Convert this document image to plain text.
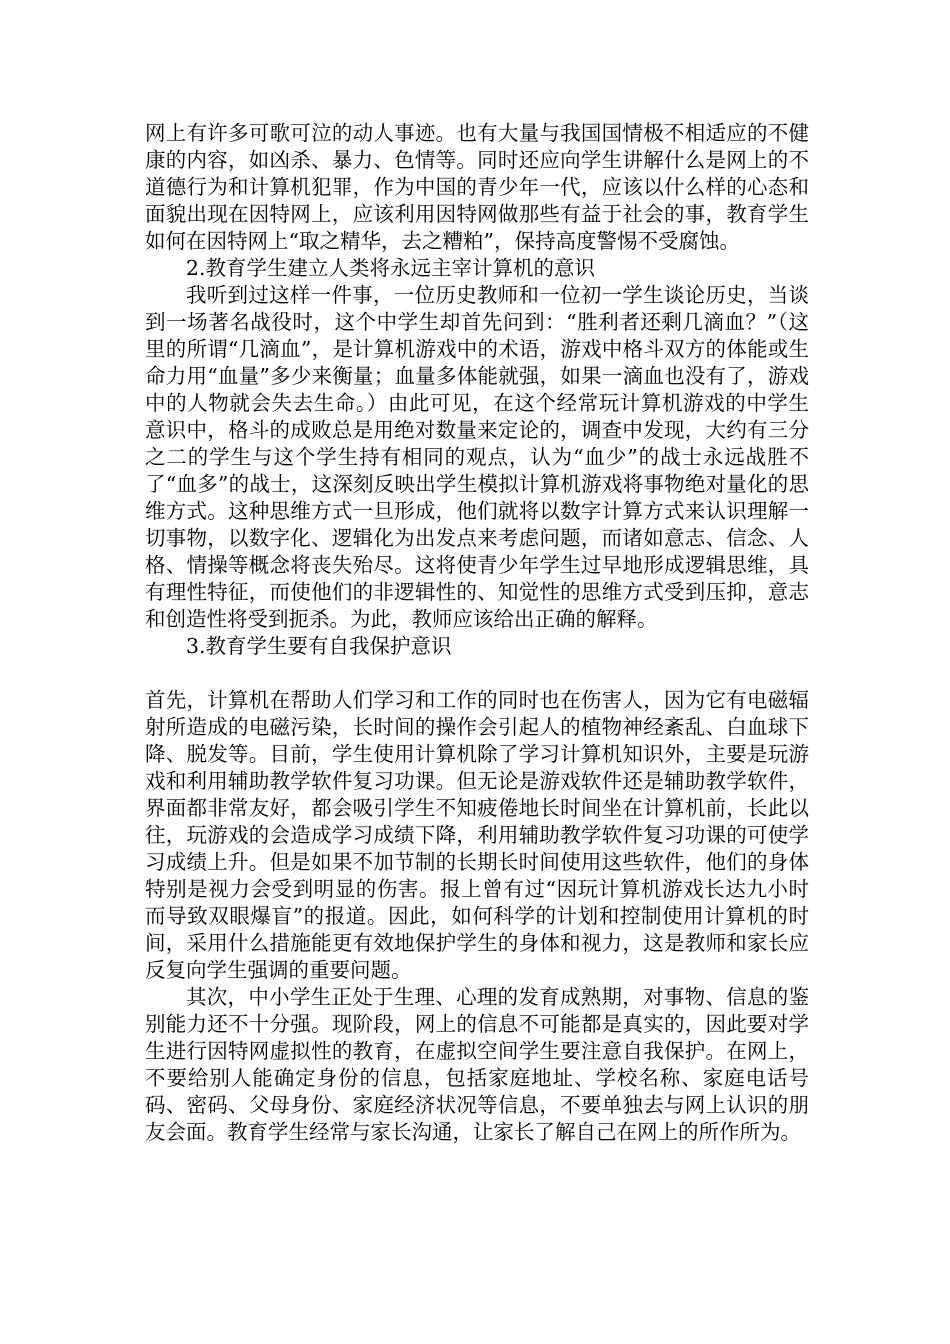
网上有许多可歌可泣的动人事迹。也有大量与我国国情极不相适应的不健康的内容，如凶杀、暴力、色情等。同时还应向学生讲解什么是网上的不道德行为和计算机犯罪，作为中国的青少年一代，应该以什么样的心态和面貌出现在因特网上，应该利用因特网做那些有益于社会的事，教育学生如何在因特网上“取之精华，去之糟粕”，保持高度警惕不受腐蚀。

2.教育学生建立人类将永远主宰计算机的意识

我听到过这样一件事，一位历史教师和一位初一学生谈论历史，当谈到一场著名战役时，这个中学生却首先问到：“胜利者还剩几滴血？”（这里的所谓“几滴血”，是计算机游戏中的术语，游戏中格斗双方的体能或生命力用“血量”多少来衡量；血量多体能就强，如果一滴血也没有了，游戏中的人物就会失去生命。）由此可见，在这个经常玩计算机游戏的中学生意识中，格斗的成败总是用绝对数量来定论的，调查中发现，大约有三分之二的学生与这个学生持有相同的观点，认为“血少”的战士永远战胜不了“血多”的战士，这深刻反映出学生模拟计算机游戏将事物绝对量化的思维方式。这种思维方式一旦形成，他们就将以数字计算方式来认识理解一切事物，以数字化、逻辑化为出发点来考虑问题，而诸如意志、信念、人格、情操等概念将丧失殆尽。这将使青少年学生过早地形成逻辑思维，具有理性特征，而使他们的非逻辑性的、知觉性的思维方式受到压抑，意志和创造性将受到扼杀。为此，教师应该给出正确的解释。

3.教育学生要有自我保护意识

首先，计算机在帮助人们学习和工作的同时也在伤害人，因为它有电磁辐射所造成的电磁污染，长时间的操作会引起人的植物神经紊乱、白血球下降、脱发等。目前，学生使用计算机除了学习计算机知识外，主要是玩游戏和利用辅助教学软件复习功课。但无论是游戏软件还是辅助教学软件，界面都非常友好，都会吸引学生不知疲倦地长时间坐在计算机前，长此以往，玩游戏的会造成学习成绩下降，利用辅助教学软件复习功课的可使学习成绩上升。但是如果不加节制的长期长时间使用这些软件，他们的身体特别是视力会受到明显的伤害。报上曾有过“因玩计算机游戏长达九小时而导致双眼爆盲”的报道。因此，如何科学的计划和控制使用计算机的时间，采用什么措施能更有效地保护学生的身体和视力，这是教师和家长应反复向学生强调的重要问题。

其次，中小学生正处于生理、心理的发育成熟期，对事物、信息的鉴别能力还不十分强。现阶段，网上的信息不可能都是真实的，因此要对学生进行因特网虚拟性的教育，在虚拟空间学生要注意自我保护。在网上，不要给别人能确定身份的信息，包括家庭地址、学校名称、家庭电话号码、密码、父母身份、家庭经济状况等信息，不要单独去与网上认识的朋友会面。教育学生经常与家长沟通，让家长了解自己在网上的所作所为。
